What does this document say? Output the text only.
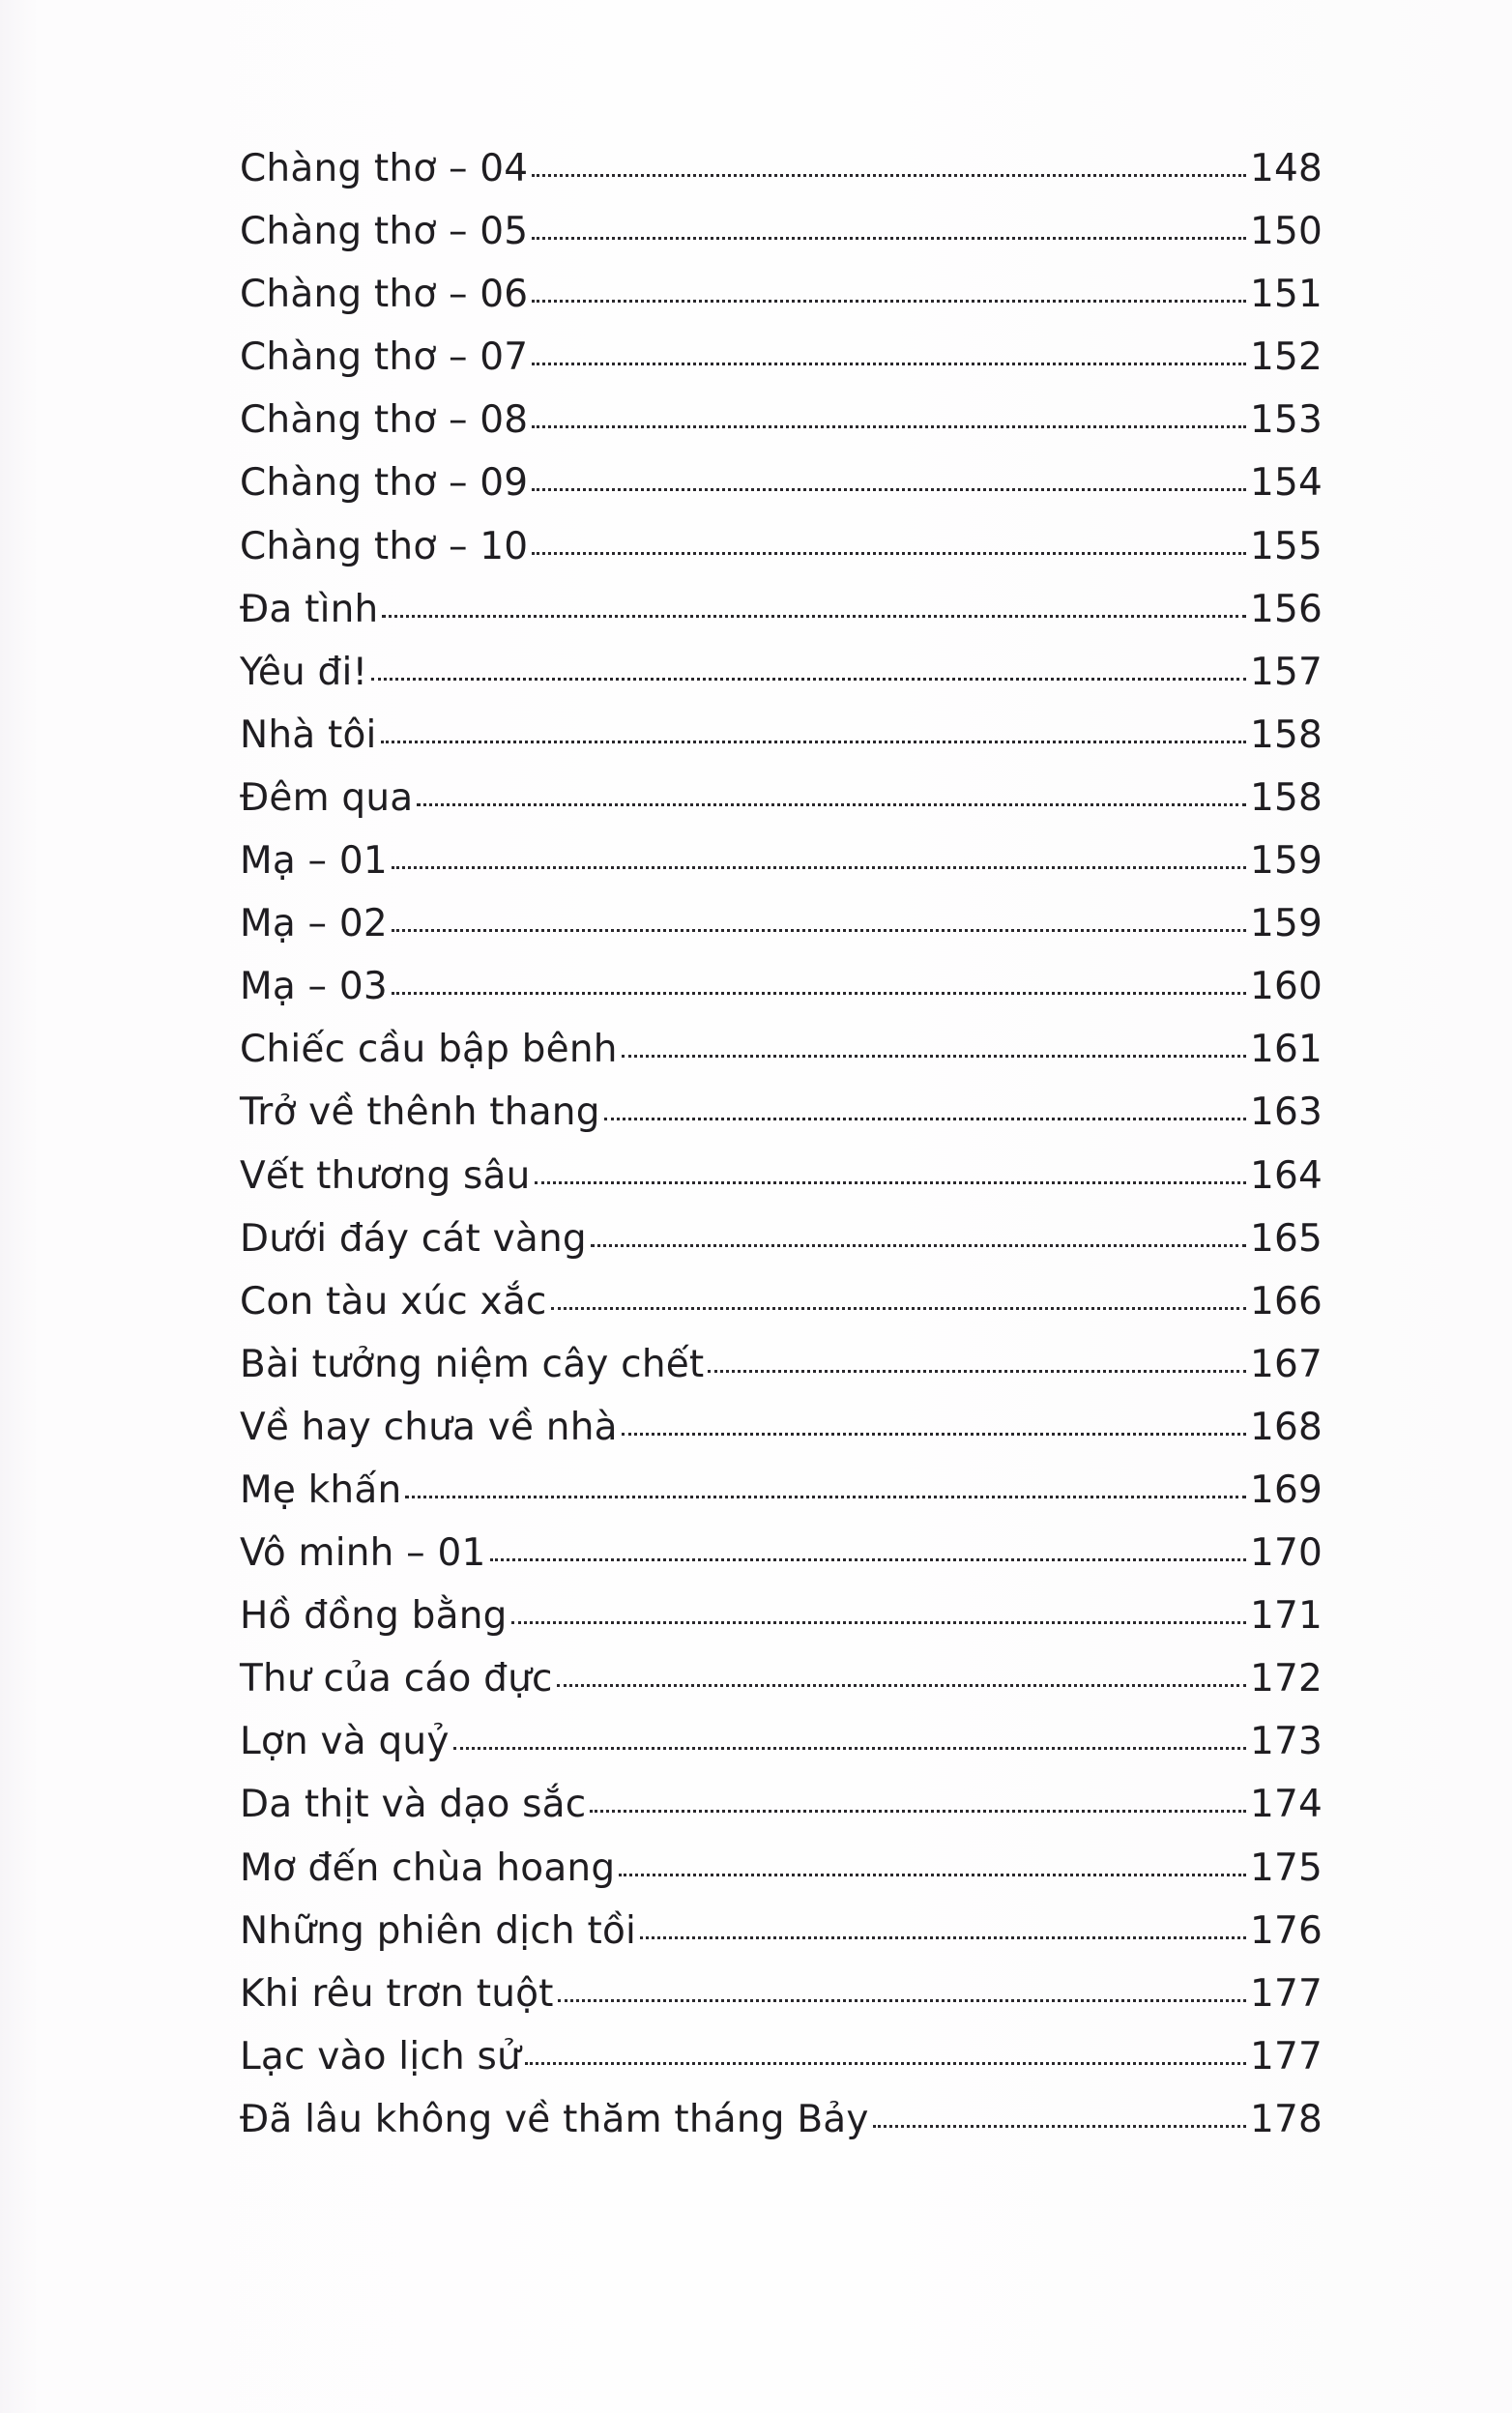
Chàng thơ – 04	148
Chàng thơ – 05	150
Chàng thơ – 06	151
Chàng thơ – 07	152
Chàng thơ – 08	153
Chàng thơ – 09	154
Chàng thơ – 10	155
Đa tình	156
Yêu đi!	157
Nhà tôi	158
Đêm qua	158
Mạ – 01	159
Mạ – 02	159
Mạ – 03	160
Chiếc cầu bập bênh	161
Trở về thênh thang	163
Vết thương sâu	164
Dưới đáy cát vàng	165
Con tàu xúc xắc	166
Bài tưởng niệm cây chết	167
Về hay chưa về nhà	168
Mẹ khấn	169
Vô minh – 01	170
Hồ đồng bằng	171
Thư của cáo đực	172
Lợn và quỷ	173
Da thịt và dạo sắc	174
Mơ đến chùa hoang	175
Những phiên dịch tồi	176
Khi rêu trơn tuột	177
Lạc vào lịch sử	177
Đã lâu không về thăm tháng Bảy	178
